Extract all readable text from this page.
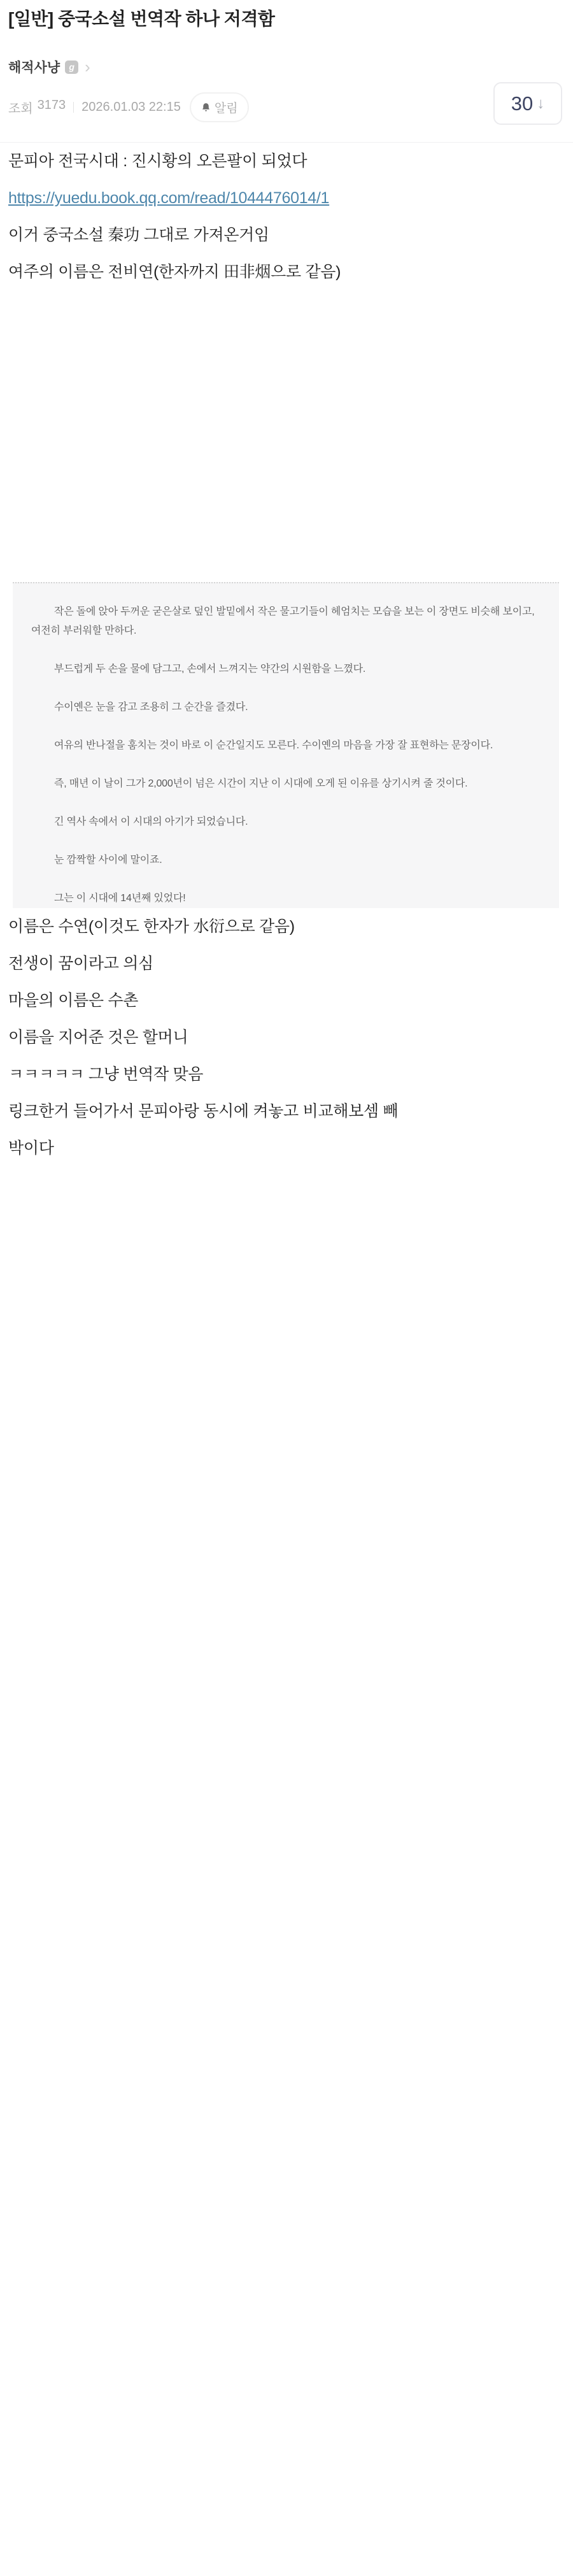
[일반] 중국소설 번역작 하나 저격함
해적사냥	g ›
조회 3173 2026.01.03 22:15	알림	30 ↓

문피아 전국시대 : 진시황의 오른팔이 되었다

https://yuedu.book.qq.com/read/1044476014/1

이거 중국소설 秦功 그대로 가져온거임

여주의 이름은 전비연(한자까지 田非烟으로 같음)

작은 돌에 앉아 두꺼운 굳은살로 덮인 발밑에서 작은 물고기들이 헤엄치는 모습을 보는 이 장면도 비슷해 보이고, 여전히 부러워할 만하다.

부드럽게 두 손을 물에 담그고, 손에서 느껴지는 약간의 시원함을 느꼈다.

수이옌은 눈을 감고 조용히 그 순간을 즐겼다.

여유의 반나절을 훔치는 것이 바로 이 순간일지도 모른다. 수이옌의 마음을 가장 잘 표현하는 문장이다.

즉, 매년 이 날이 그가 2,000년이 넘은 시간이 지난 이 시대에 오게 된 이유를 상기시켜 줄 것이다.

긴 역사 속에서 이 시대의 아기가 되었습니다.

눈 깜짝할 사이에 말이죠.

그는 이 시대에 14년째 있었다!

이름은 수연(이것도 한자가 水衍으로 같음)

전생이 꿈이라고 의심

마을의 이름은 수촌

이름을 지어준 것은 할머니

ㅋㅋㅋㅋㅋ 그냥 번역작 맞음

링크한거 들어가서 문피아랑 동시에 켜놓고 비교해보셈 빼박이다
